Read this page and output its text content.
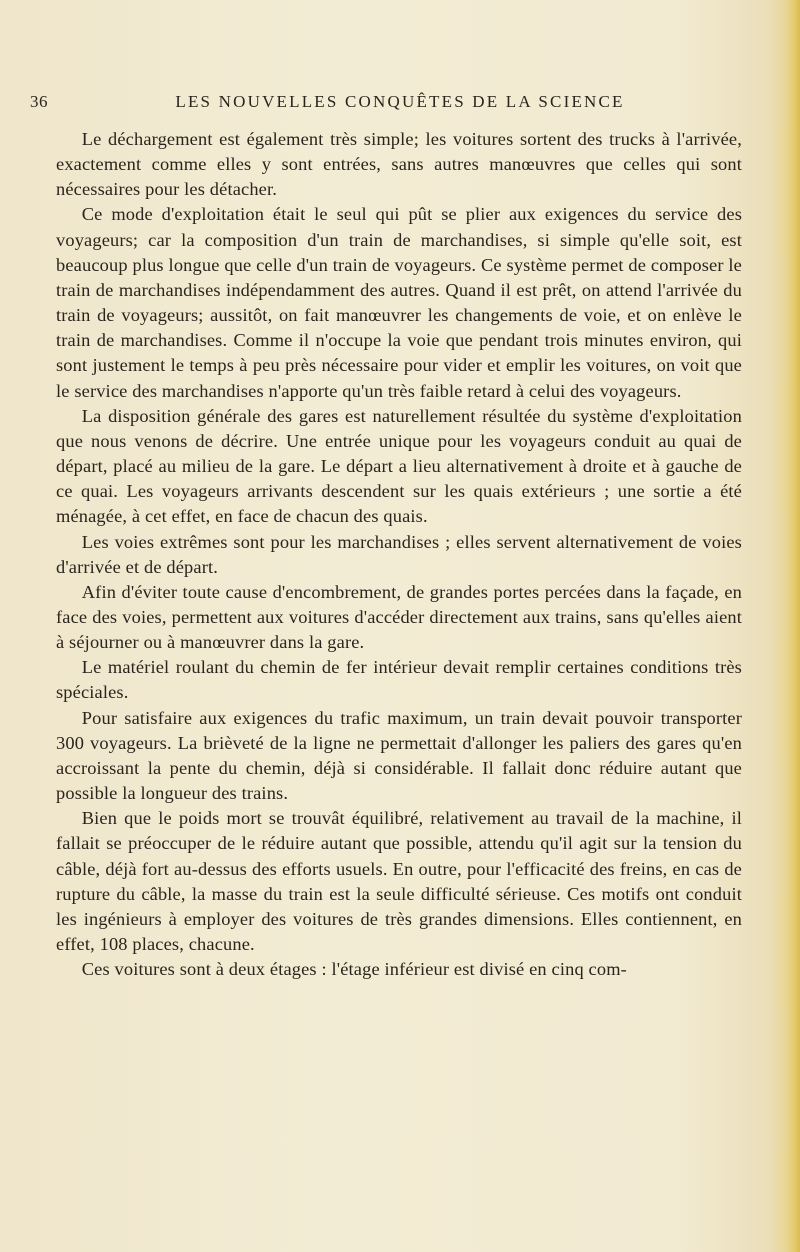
36	LES NOUVELLES CONQUÊTES DE LA SCIENCE

Le déchargement est également très simple; les voitures sortent des trucks à l'arrivée, exactement comme elles y sont entrées, sans autres manœuvres que celles qui sont nécessaires pour les détacher.

Ce mode d'exploitation était le seul qui pût se plier aux exigences du service des voyageurs; car la composition d'un train de marchandises, si simple qu'elle soit, est beaucoup plus longue que celle d'un train de voyageurs. Ce système permet de composer le train de marchandises indépendamment des autres. Quand il est prêt, on attend l'arrivée du train de voyageurs; aussitôt, on fait manœuvrer les changements de voie, et on enlève le train de marchandises. Comme il n'occupe la voie que pendant trois minutes environ, qui sont justement le temps à peu près nécessaire pour vider et emplir les voitures, on voit que le service des marchandises n'apporte qu'un très faible retard à celui des voyageurs.

La disposition générale des gares est naturellement résultée du système d'exploitation que nous venons de décrire. Une entrée unique pour les voyageurs conduit au quai de départ, placé au milieu de la gare. Le départ a lieu alternativement à droite et à gauche de ce quai. Les voyageurs arrivants descendent sur les quais extérieurs ; une sortie a été ménagée, à cet effet, en face de chacun des quais.

Les voies extrêmes sont pour les marchandises ; elles servent alternativement de voies d'arrivée et de départ.

Afin d'éviter toute cause d'encombrement, de grandes portes percées dans la façade, en face des voies, permettent aux voitures d'accéder directement aux trains, sans qu'elles aient à séjourner ou à manœuvrer dans la gare.

Le matériel roulant du chemin de fer intérieur devait remplir certaines conditions très spéciales.

Pour satisfaire aux exigences du trafic maximum, un train devait pouvoir transporter 300 voyageurs. La brièveté de la ligne ne permettait d'allonger les paliers des gares qu'en accroissant la pente du chemin, déjà si considérable. Il fallait donc réduire autant que possible la longueur des trains.

Bien que le poids mort se trouvât équilibré, relativement au travail de la machine, il fallait se préoccuper de le réduire autant que possible, attendu qu'il agit sur la tension du câble, déjà fort au-dessus des efforts usuels. En outre, pour l'efficacité des freins, en cas de rupture du câble, la masse du train est la seule difficulté sérieuse. Ces motifs ont conduit les ingénieurs à employer des voitures de très grandes dimensions. Elles contiennent, en effet, 108 places, chacune.

Ces voitures sont à deux étages : l'étage inférieur est divisé en cinq com-
